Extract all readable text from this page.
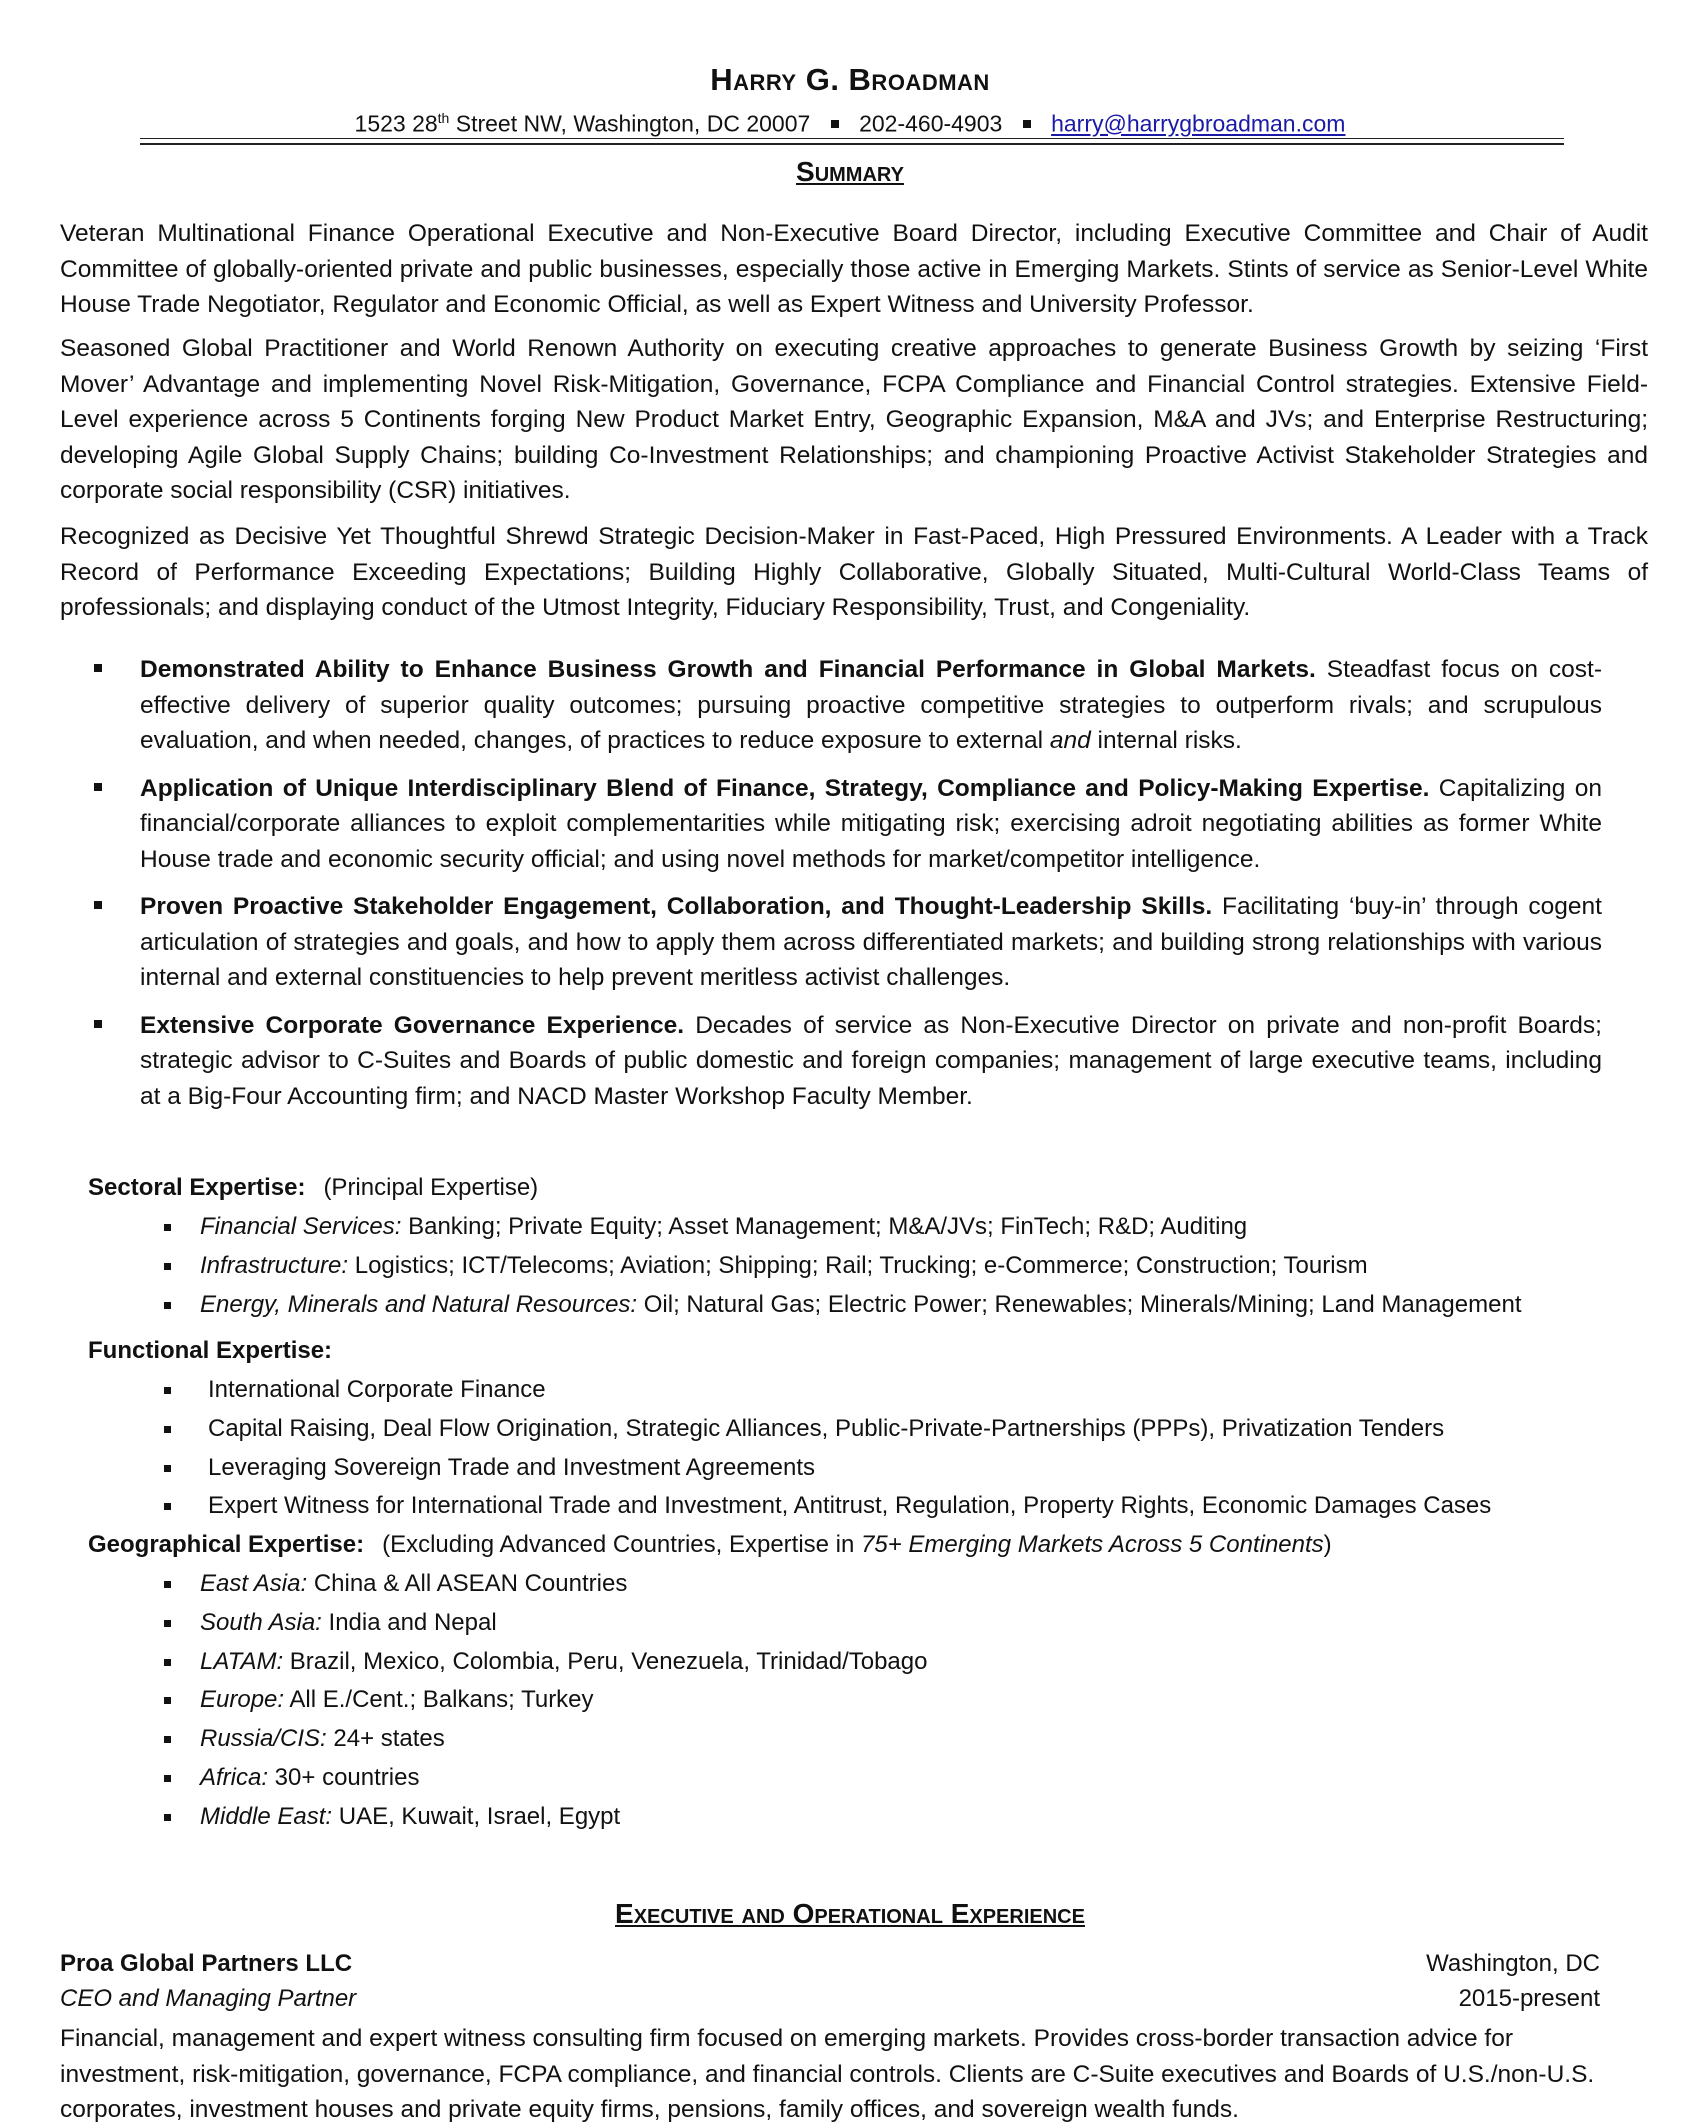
Harry G. Broadman
1523 28th Street NW, Washington, DC 20007 202-460-4903 harry@harrygbroadman.com
Summary

Veteran Multinational Finance Operational Executive and Non-Executive Board Director, including Executive Committee and Chair of Audit Committee of globally-oriented private and public businesses, especially those active in Emerging Markets. Stints of service as Senior-Level White House Trade Negotiator, Regulator and Economic Official, as well as Expert Witness and University Professor.

Seasoned Global Practitioner and World Renown Authority on executing creative approaches to generate Business Growth by seizing ‘First Mover’ Advantage and implementing Novel Risk-Mitigation, Governance, FCPA Compliance and Financial Control strategies. Extensive Field-Level experience across 5 Continents forging New Product Market Entry, Geographic Expansion, M&A and JVs; and Enterprise Restructuring; developing Agile Global Supply Chains; building Co-Investment Relationships; and championing Proactive Activist Stakeholder Strategies and corporate social responsibility (CSR) initiatives.

Recognized as Decisive Yet Thoughtful Shrewd Strategic Decision-Maker in Fast-Paced, High Pressured Environments. A Leader with a Track Record of Performance Exceeding Expectations; Building Highly Collaborative, Globally Situated, Multi-Cultural World-Class Teams of professionals; and displaying conduct of the Utmost Integrity, Fiduciary Responsibility, Trust, and Congeniality.

Demonstrated Ability to Enhance Business Growth and Financial Performance in Global Markets. Steadfast focus on cost-effective delivery of superior quality outcomes; pursuing proactive competitive strategies to outperform rivals; and scrupulous evaluation, and when needed, changes, of practices to reduce exposure to external and internal risks.
Application of Unique Interdisciplinary Blend of Finance, Strategy, Compliance and Policy-Making Expertise. Capitalizing on financial/corporate alliances to exploit complementarities while mitigating risk; exercising adroit negotiating abilities as former White House trade and economic security official; and using novel methods for market/competitor intelligence.
Proven Proactive Stakeholder Engagement, Collaboration, and Thought-Leadership Skills. Facilitating ‘buy-in’ through cogent articulation of strategies and goals, and how to apply them across differentiated markets; and building strong relationships with various internal and external constituencies to help prevent meritless activist challenges.
Extensive Corporate Governance Experience. Decades of service as Non-Executive Director on private and non-profit Boards; strategic advisor to C-Suites and Boards of public domestic and foreign companies; management of large executive teams, including at a Big-Four Accounting firm; and NACD Master Workshop Faculty Member.
Sectoral Expertise: (Principal Expertise)
Financial Services: Banking; Private Equity; Asset Management; M&A/JVs; FinTech; R&D; Auditing
Infrastructure: Logistics; ICT/Telecoms; Aviation; Shipping; Rail; Trucking; e-Commerce; Construction; Tourism
Energy, Minerals and Natural Resources: Oil; Natural Gas; Electric Power; Renewables; Minerals/Mining; Land Management
Functional Expertise:
International Corporate Finance
Capital Raising, Deal Flow Origination, Strategic Alliances, Public-Private-Partnerships (PPPs), Privatization Tenders
Leveraging Sovereign Trade and Investment Agreements
Expert Witness for International Trade and Investment, Antitrust, Regulation, Property Rights, Economic Damages Cases
Geographical Expertise: (Excluding Advanced Countries, Expertise in 75+ Emerging Markets Across 5 Continents)
East Asia: China & All ASEAN Countries
South Asia: India and Nepal
LATAM: Brazil, Mexico, Colombia, Peru, Venezuela, Trinidad/Tobago
Europe: All E./Cent.; Balkans; Turkey
Russia/CIS: 24+ states
Africa: 30+ countries
Middle East: UAE, Kuwait, Israel, Egypt
Executive and Operational Experience
Proa Global Partners LLC	Washington, DC
CEO and Managing Partner	2015-present

Financial, management and expert witness consulting firm focused on emerging markets. Provides cross-border transaction advice for investment, risk-mitigation, governance, FCPA compliance, and financial controls. Clients are C-Suite executives and Boards of U.S./non-U.S. corporates, investment houses and private equity firms, pensions, family offices, and sovereign wealth funds.
